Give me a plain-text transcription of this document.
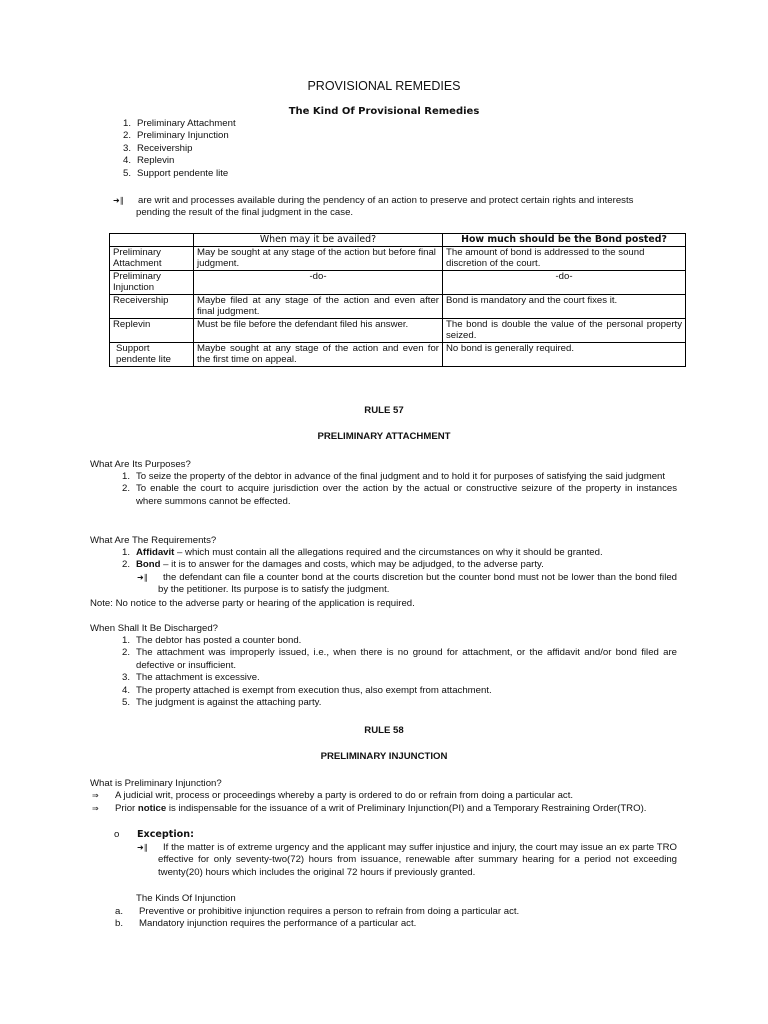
PROVISIONAL REMEDIES
The Kind Of Provisional Remedies
1. Preliminary Attachment
2. Preliminary Injunction
3. Receivership
4. Replevin
5. Support pendente lite
➜∥ are writ and processes available during the pendency of an action to preserve and protect certain rights and interests
pending the result of the final judgment in the case.
	When may it be availed?	How much should be the Bond posted?
Preliminary Attachment	May be sought at any stage of the action but before final judgment.	The amount of bond is addressed to the sound discretion of the court.
Preliminary Injunction	-do-	-do-
Receivership	Maybe filed at any stage of the action and even after final judgment.	Bond is mandatory and the court fixes it.
Replevin	Must be file before the defendant filed his answer.	The bond is double the value of the personal property seized.
Support pendente lite	Maybe sought at any stage of the action and even for the first time on appeal.	No bond is generally required.
RULE 57
PRELIMINARY ATTACHMENT
What Are Its Purposes?
1. To seize the property of the debtor in advance of the final judgment and to hold it for purposes of satisfying the said judgment
2. To enable the court to acquire jurisdiction over the action by the actual or constructive seizure of the property in instances where summons cannot be effected.
What Are The Requirements?
1. Affidavit – which must contain all the allegations required and the circumstances on why it should be granted.
2. Bond – it is to answer for the damages and costs, which may be adjudged, to the adverse party.
➜∥	the defendant can file a counter bond at the courts discretion but the counter bond must not be lower than the bond filed by the petitioner. Its purpose is to satisfy the judgment.
Note: No notice to the adverse party or hearing of the application is required.
When Shall It Be Discharged?
1. The debtor has posted a counter bond.
2. The attachment was improperly issued, i.e., when there is no ground for attachment, or the affidavit and/or bond filed are defective or insufficient.
3. The attachment is excessive.
4. The property attached is exempt from execution thus, also exempt from attachment.
5. The judgment is against the attaching party.
RULE 58
PRELIMINARY INJUNCTION
What is Preliminary Injunction?
⇒ A judicial writ, process or proceedings whereby a party is ordered to do or refrain from doing a particular act.
⇒ Prior notice is indispensable for the issuance of a writ of Preliminary Injunction(PI) and a Temporary Restraining Order(TRO).
o Exception:
➜∥	If the matter is of extreme urgency and the applicant may suffer injustice and injury, the court may issue an ex parte TRO effective for only seventy-two(72) hours from issuance, renewable after summary hearing for a period not exceeding twenty(20) hours which includes the original 72 hours if previously granted.
The Kinds Of Injunction
a.	Preventive or prohibitive injunction requires a person to refrain from doing a particular act.
b.	Mandatory injunction requires the performance of a particular act.
